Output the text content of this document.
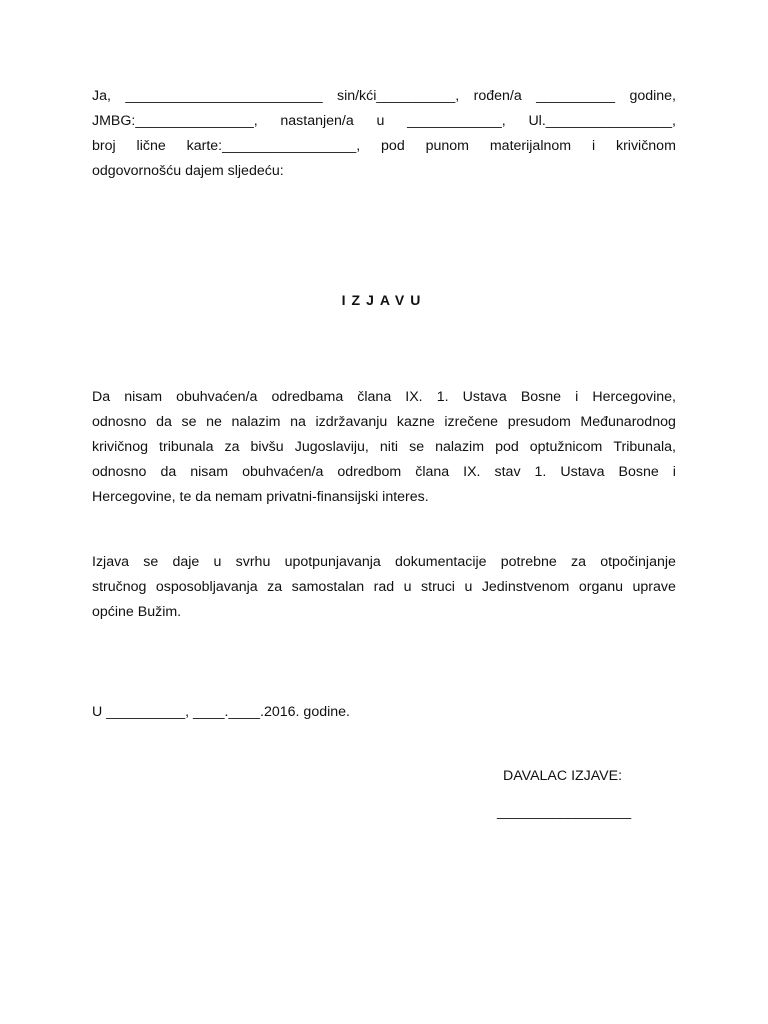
Ja, _________________________ sin/kći__________, rođen/a __________ godine,
JMBG:_______________, nastanjen/a u ____________, Ul.________________,
broj lične karte:_________________, pod punom materijalnom i krivičnom
odgovornošću dajem sljedeću:
IZJAVU
Da nisam obuhvaćen/a odredbama člana IX. 1. Ustava Bosne i Hercegovine,
odnosno da se ne nalazim na izdržavanju kazne izrečene presudom Međunarodnog
krivičnog tribunala za bivšu Jugoslaviju, niti se nalazim pod optužnicom Tribunala,
odnosno da nisam obuhvaćen/a odredbom člana IX. stav 1. Ustava Bosne i
Hercegovine, te da nemam privatni-finansijski interes.
Izjava se daje u svrhu upotpunjavanja dokumentacije potrebne za otpočinjanje
stručnog osposobljavanja za samostalan rad u struci u Jedinstvenom organu uprave
općine Bužim.
U __________, ____.____.2016. godine.
DAVALAC IZJAVE:
_________________
